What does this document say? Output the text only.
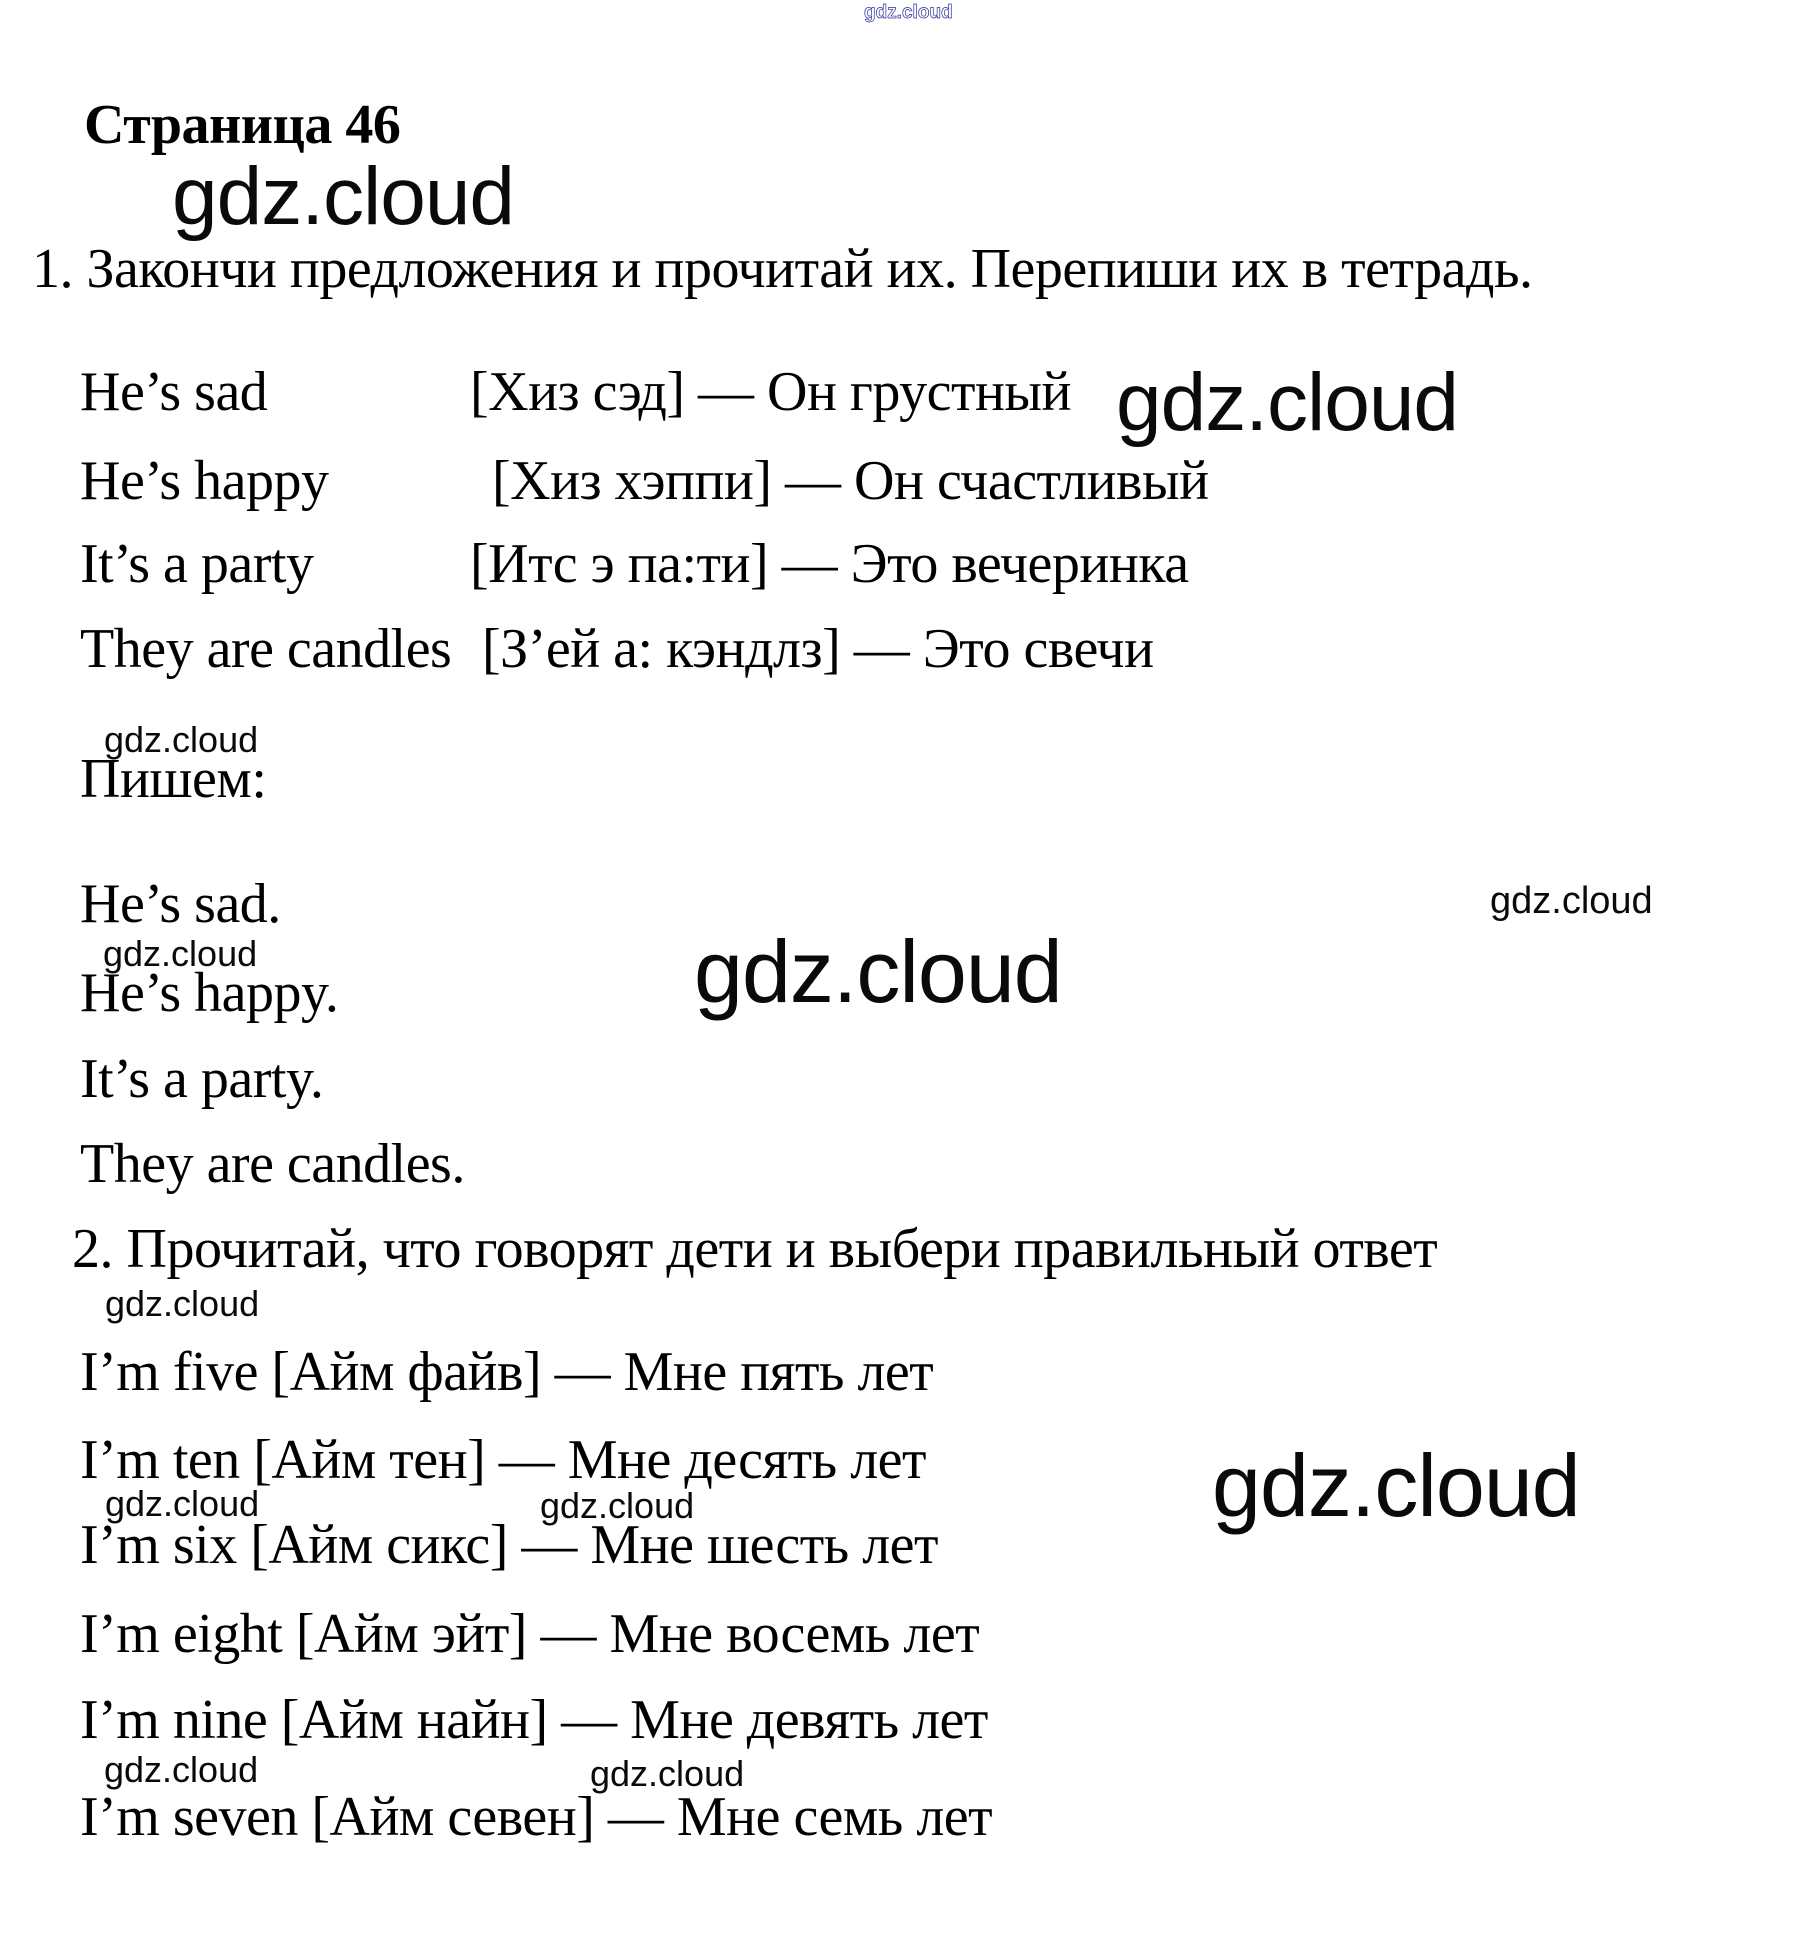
gdz.cloud
gdz.cloud
gdz.cloud
gdz.cloud
gdz.cloud
gdz.cloud
gdz.cloud
gdz.cloud
gdz.cloud
gdz.cloud	gdz.cloud
gdz.cloud	gdz.cloud
Страница 46
1. Закончи предложения и прочитай их. Перепиши их в тетрадь.
He’s sad	[Хиз сэд] — Он грустный
He’s happy	[Хиз хэппи] — Он счастливый
It’s a party	[Итс э па:ти] — Это вечеринка
They are candles [З’ей а: кэндлз] — Это свечи
Пишем:
He’s sad.
He’s happy.
It’s a party.
They are candles.
2. Прочитай, что говорят дети и выбери правильный ответ
I’m five [Айм файв] — Мне пять лет
I’m ten [Айм тен] — Мне десять лет
I’m six [Айм сикс] — Мне шесть лет
I’m eight [Айм эйт] — Мне восемь лет
I’m nine [Айм найн] — Мне девять лет
I’m seven [Айм севен] — Мне семь лет
